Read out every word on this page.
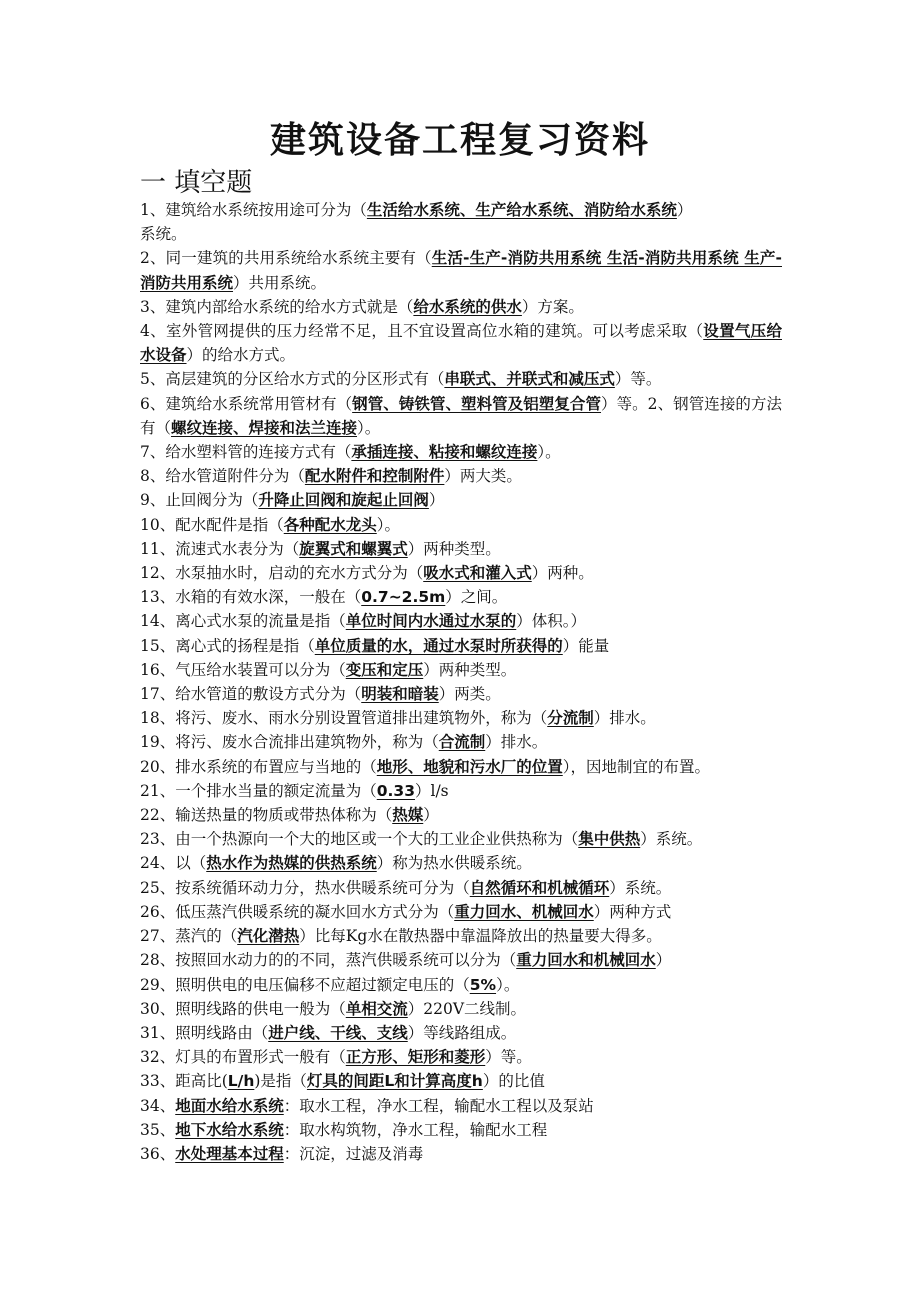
建筑设备工程复习资料
一 填空题
1、建筑给水系统按用途可分为（生活给水系统、生产给水系统、消防给水系统）
系统。
2、同一建筑的共用系统给水系统主要有（生活-生产-消防共用系统 生活-消防共用系统 生产-消防共用系统）共用系统。
3、建筑内部给水系统的给水方式就是（给水系统的供水）方案。
4、室外管网提供的压力经常不足，且不宜设置高位水箱的建筑。可以考虑采取（设置气压给水设备）的给水方式。
5、高层建筑的分区给水方式的分区形式有（串联式、并联式和减压式）等。
6、建筑给水系统常用管材有（钢管、铸铁管、塑料管及铝塑复合管）等。2、钢管连接的方法有（螺纹连接、焊接和法兰连接）。
7、给水塑料管的连接方式有（承插连接、粘接和螺纹连接）。
8、给水管道附件分为（配水附件和控制附件）两大类。
9、止回阀分为（升降止回阀和旋起止回阀）
10、配水配件是指（各种配水龙头）。
11、流速式水表分为（旋翼式和螺翼式）两种类型。
12、水泵抽水时，启动的充水方式分为（吸水式和灌入式）两种。
13、水箱的有效水深，一般在（0.7~2.5m）之间。
14、离心式水泵的流量是指（单位时间内水通过水泵的）体积。）
15、离心式的扬程是指（单位质量的水，通过水泵时所获得的）能量
16、气压给水装置可以分为（变压和定压）两种类型。
17、给水管道的敷设方式分为（明装和暗装）两类。
18、将污、废水、雨水分别设置管道排出建筑物外，称为（分流制）排水。
19、将污、废水合流排出建筑物外，称为（合流制）排水。
20、排水系统的布置应与当地的（地形、地貌和污水厂的位置），因地制宜的布置。
21、一个排水当量的额定流量为（0.33）l/s
22、输送热量的物质或带热体称为（热媒）
23、由一个热源向一个大的地区或一个大的工业企业供热称为（集中供热）系统。
24、以（热水作为热媒的供热系统）称为热水供暖系统。
25、按系统循环动力分，热水供暖系统可分为（自然循环和机械循环）系统。
26、低压蒸汽供暖系统的凝水回水方式分为（重力回水、机械回水）两种方式
27、蒸汽的（汽化潜热）比每Kg水在散热器中靠温降放出的热量要大得多。
28、按照回水动力的的不同，蒸汽供暖系统可以分为（重力回水和机械回水）
29、照明供电的电压偏移不应超过额定电压的（5%）。
30、照明线路的供电一般为（单相交流）220V二线制。
31、照明线路由（进户线、干线、支线）等线路组成。
32、灯具的布置形式一般有（正方形、矩形和菱形）等。
33、距高比(L/h)是指（灯具的间距L和计算高度h）的比值
34、地面水给水系统：取水工程，净水工程，输配水工程以及泵站
35、地下水给水系统：取水构筑物，净水工程，输配水工程
36、水处理基本过程：沉淀，过滤及消毒
